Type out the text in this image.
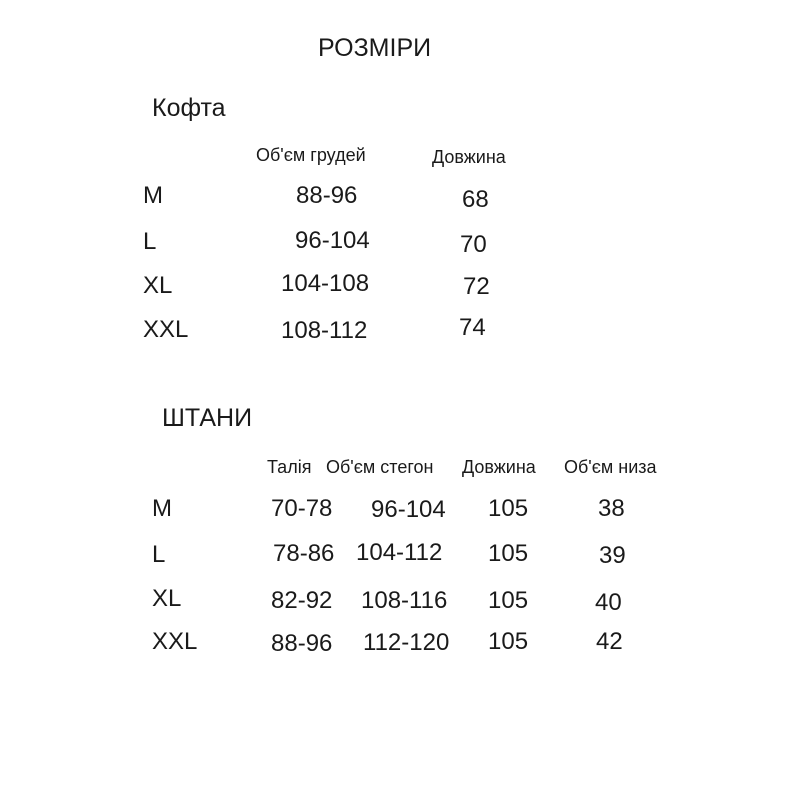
РОЗМІРИ
Кофта
Об'єм грудей	Довжина
M	88-96	68
L	96-104	70
XL	104-108	72
XXL	108-112	74
ШТАНИ
Талія Об'єм стегон Довжина Об'єм низа
M	70-78 96-104 105	38
L	78-86 104-112 105	39
XL	82-92 108-116 105	40
XXL	88-96 112-120 105	42
